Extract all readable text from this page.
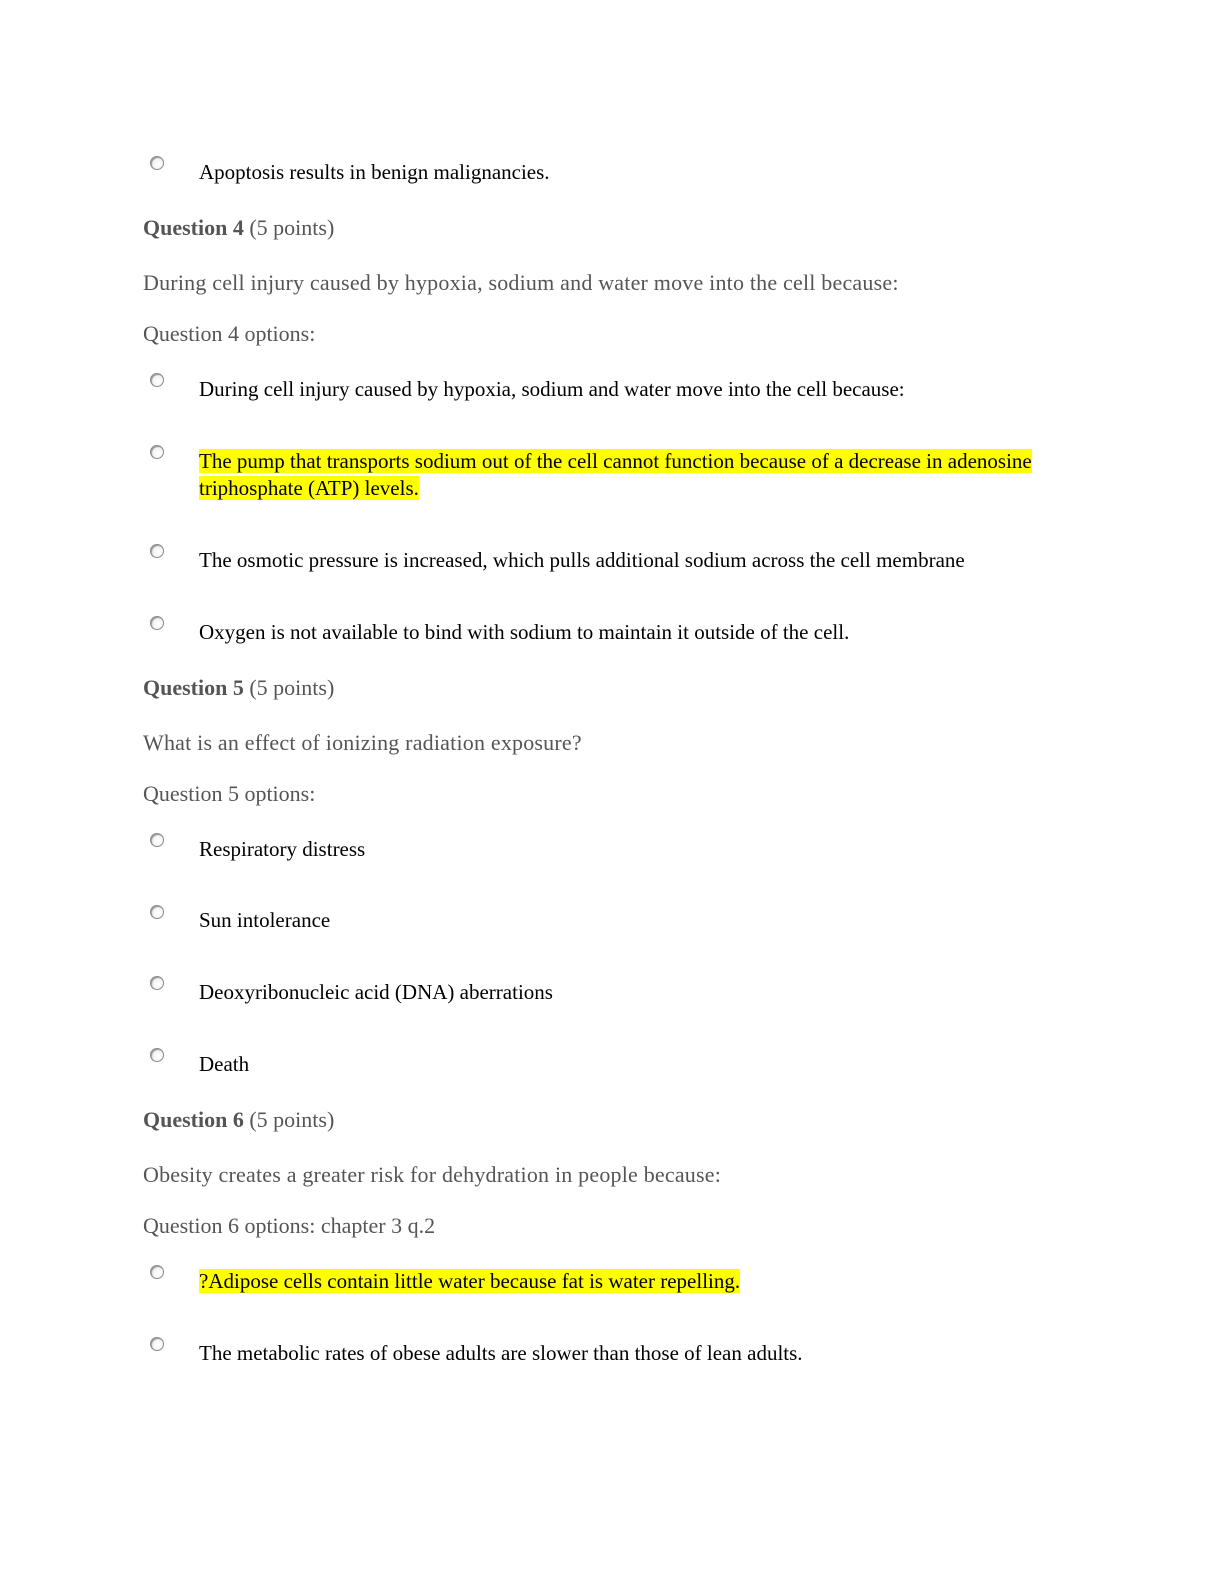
Apoptosis results in benign malignancies.
Question 4 (5 points)
During cell injury caused by hypoxia, sodium and water move into the cell because:
Question 4 options:
During cell injury caused by hypoxia, sodium and water move into the cell because:
The pump that transports sodium out of the cell cannot function because of a decrease in adenosine
triphosphate (ATP) levels.
The osmotic pressure is increased, which pulls additional sodium across the cell membrane
Oxygen is not available to bind with sodium to maintain it outside of the cell.
Question 5 (5 points)
What is an effect of ionizing radiation exposure?
Question 5 options:
Respiratory distress
Sun intolerance
Deoxyribonucleic acid (DNA) aberrations
Death
Question 6 (5 points)
Obesity creates a greater risk for dehydration in people because:
Question 6 options: chapter 3 q.2
?Adipose cells contain little water because fat is water repelling.
The metabolic rates of obese adults are slower than those of lean adults.
